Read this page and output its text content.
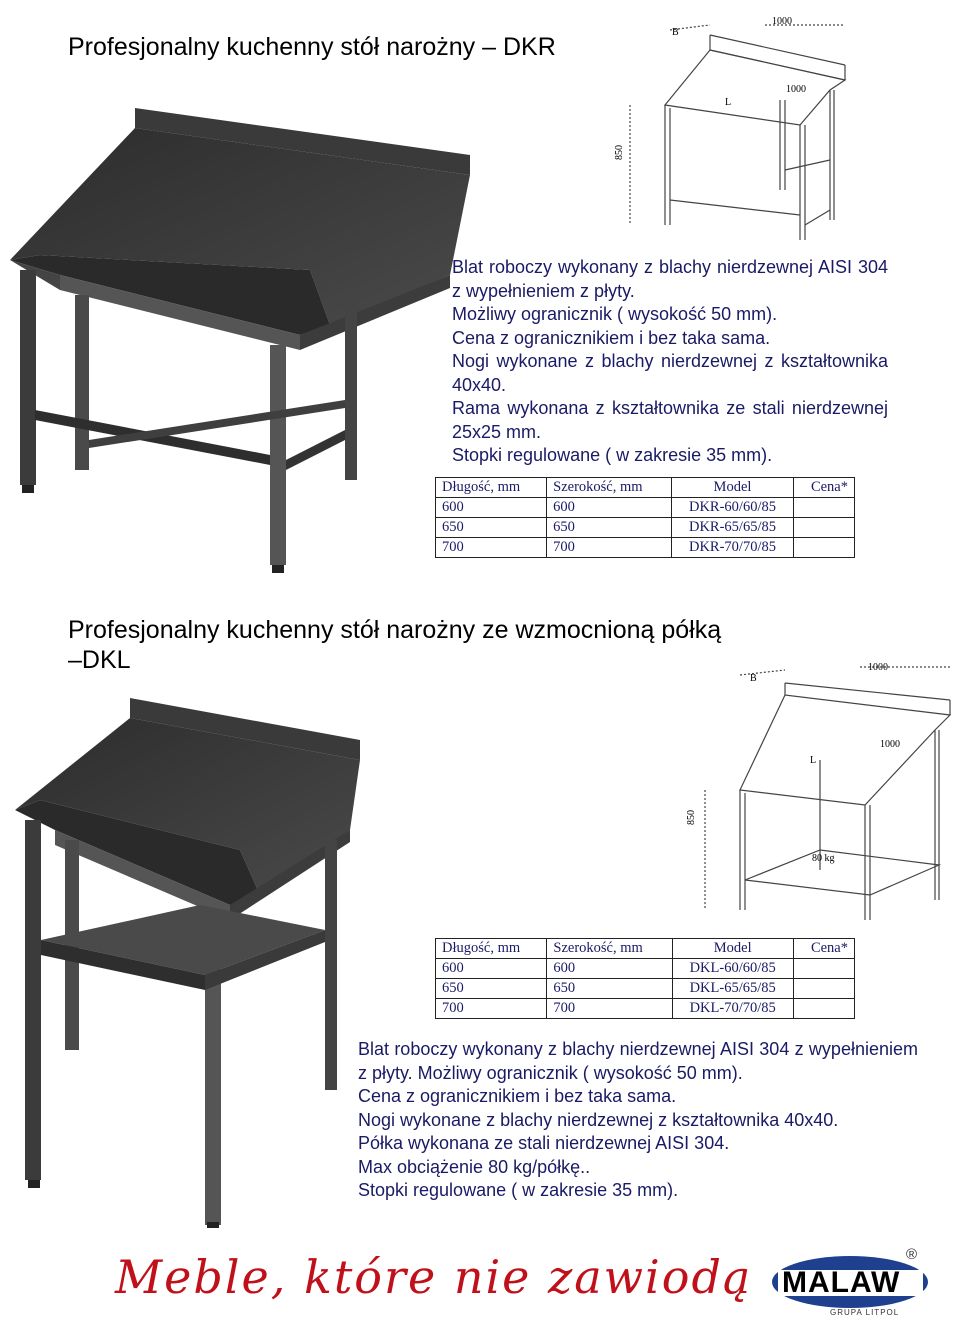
Profesjonalny kuchenny stół narożny – DKR
B
L
1000
1000
850

Blat roboczy wykonany z blachy nierdzewnej AISI 304 z wypełnieniem z płyty.

Możliwy ogranicznik ( wysokość 50 mm).

Cena z ogranicznikiem i bez taka sama.

Nogi wykonane z blachy nierdzewnej z kształtownika 40x40.

Rama wykonana z kształtownika ze stali nierdzewnej 25x25 mm.

Stopki regulowane ( w zakresie 35 mm).

Długość, mm	Szerokość, mm	Model	Cena*
600	600	DKR-60/60/85	
650	650	DKR-65/65/85	
700	700	DKR-70/70/85	
Profesjonalny kuchenny stół narożny ze wzmocnioną półką
–DKL
B
L
1000
1000
850
80 kg
Długość, mm	Szerokość, mm	Model	Cena*
600	600	DKL-60/60/85	
650	650	DKL-65/65/85	
700	700	DKL-70/70/85	

Blat roboczy wykonany z blachy nierdzewnej AISI 304 z wypełnieniem z płyty. Możliwy ogranicznik ( wysokość 50 mm).

Cena z ogranicznikiem i bez taka sama.

Nogi wykonane z blachy nierdzewnej z kształtownika 40x40.

Półka wykonana ze stali nierdzewnej AISI 304.

Max obciążenie 80 kg/półkę..

Stopki regulowane ( w zakresie 35 mm).

Meble, które nie zawiodą MALAW
GRUPA LITPOL
®
